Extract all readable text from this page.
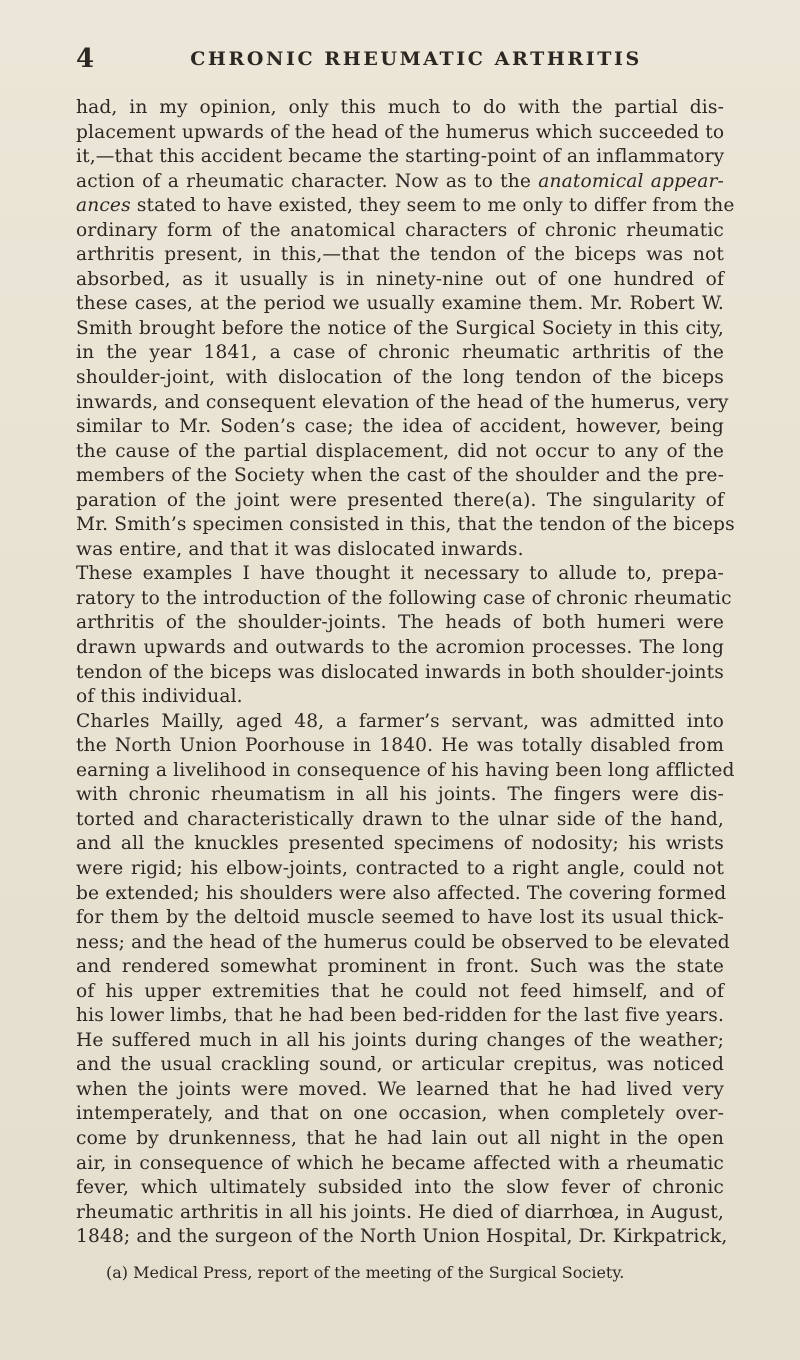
4	CHRONIC RHEUMATIC ARTHRITIS
had, in my opinion, only this much to do with the partial dis-
placement upwards of the head of the humerus which succeeded to
it,—that this accident became the starting-point of an inflammatory
action of a rheumatic character. Now as to the anatomical appear-
ances stated to have existed, they seem to me only to differ from the
ordinary form of the anatomical characters of chronic rheumatic
arthritis present, in this,—that the tendon of the biceps was not
absorbed, as it usually is in ninety-nine out of one hundred of
these cases, at the period we usually examine them. Mr. Robert W.
Smith brought before the notice of the Surgical Society in this city,
in the year 1841, a case of chronic rheumatic arthritis of the
shoulder-joint, with dislocation of the long tendon of the biceps
inwards, and consequent elevation of the head of the humerus, very
similar to Mr. Soden’s case; the idea of accident, however, being
the cause of the partial displacement, did not occur to any of the
members of the Society when the cast of the shoulder and the pre-
paration of the joint were presented there(a). The singularity of
Mr. Smith’s specimen consisted in this, that the tendon of the biceps
was entire, and that it was dislocated inwards.
These examples I have thought it necessary to allude to, prepa-
ratory to the introduction of the following case of chronic rheumatic
arthritis of the shoulder-joints. The heads of both humeri were
drawn upwards and outwards to the acromion processes. The long
tendon of the biceps was dislocated inwards in both shoulder-joints
of this individual.
Charles Mailly, aged 48, a farmer’s servant, was admitted into
the North Union Poorhouse in 1840. He was totally disabled from
earning a livelihood in consequence of his having been long afflicted
with chronic rheumatism in all his joints. The fingers were dis-
torted and characteristically drawn to the ulnar side of the hand,
and all the knuckles presented specimens of nodosity; his wrists
were rigid; his elbow-joints, contracted to a right angle, could not
be extended; his shoulders were also affected. The covering formed
for them by the deltoid muscle seemed to have lost its usual thick-
ness; and the head of the humerus could be observed to be elevated
and rendered somewhat prominent in front. Such was the state
of his upper extremities that he could not feed himself, and of
his lower limbs, that he had been bed-ridden for the last five years.
He suffered much in all his joints during changes of the weather;
and the usual crackling sound, or articular crepitus, was noticed
when the joints were moved. We learned that he had lived very
intemperately, and that on one occasion, when completely over-
come by drunkenness, that he had lain out all night in the open
air, in consequence of which he became affected with a rheumatic
fever, which ultimately subsided into the slow fever of chronic
rheumatic arthritis in all his joints. He died of diarrhœa, in August,
1848; and the surgeon of the North Union Hospital, Dr. Kirkpatrick,
(a) Medical Press, report of the meeting of the Surgical Society.
